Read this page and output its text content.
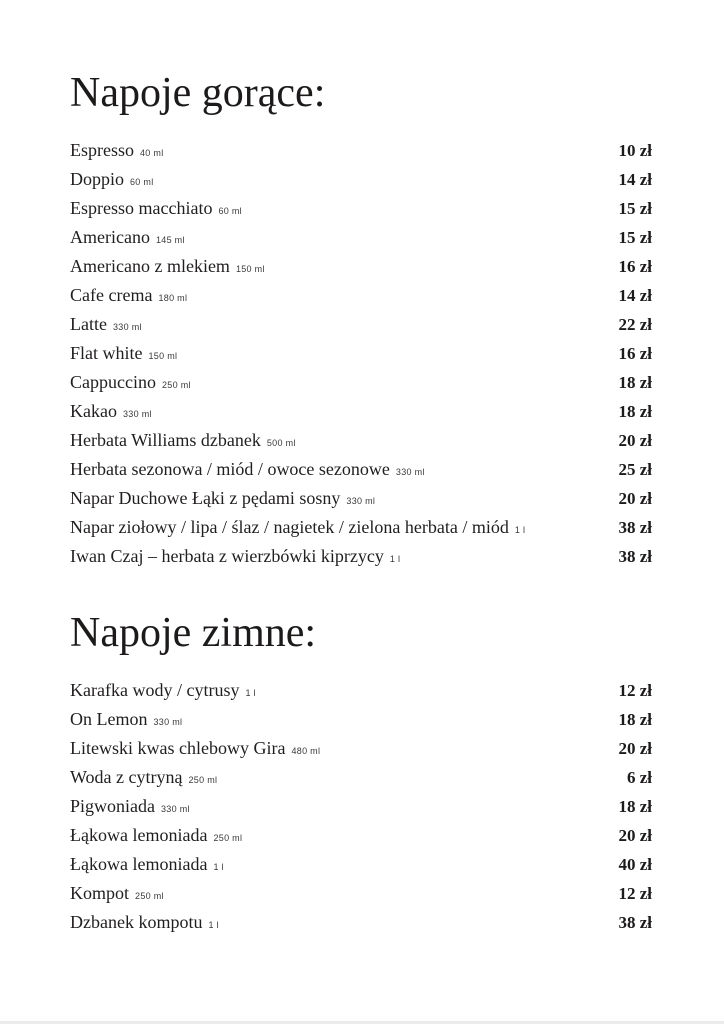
Napoje gorące:
Espresso 40 ml	10 zł
Doppio 60 ml	14 zł
Espresso macchiato 60 ml	15 zł
Americano 145 ml	15 zł
Americano z mlekiem 150 ml	16 zł
Cafe crema 180 ml	14 zł
Latte 330 ml	22 zł
Flat white 150 ml	16 zł
Cappuccino 250 ml	18 zł
Kakao 330 ml	18 zł
Herbata Williams dzbanek 500 ml	20 zł
Herbata sezonowa / miód / owoce sezonowe 330 ml	25 zł
Napar Duchowe Łąki z pędami sosny 330 ml	20 zł
Napar ziołowy / lipa / ślaz / nagietek / zielona herbata / miód 1 l	38 zł
Iwan Czaj – herbata z wierzbówki kiprzycy 1 l	38 zł
Napoje zimne:
Karafka wody / cytrusy 1 l	12 zł
On Lemon 330 ml	18 zł
Litewski kwas chlebowy Gira 480 ml	20 zł
Woda z cytryną 250 ml	6 zł
Pigwoniada 330 ml	18 zł
Łąkowa lemoniada 250 ml	20 zł
Łąkowa lemoniada 1 l	40 zł
Kompot 250 ml	12 zł
Dzbanek kompotu 1 l	38 zł
